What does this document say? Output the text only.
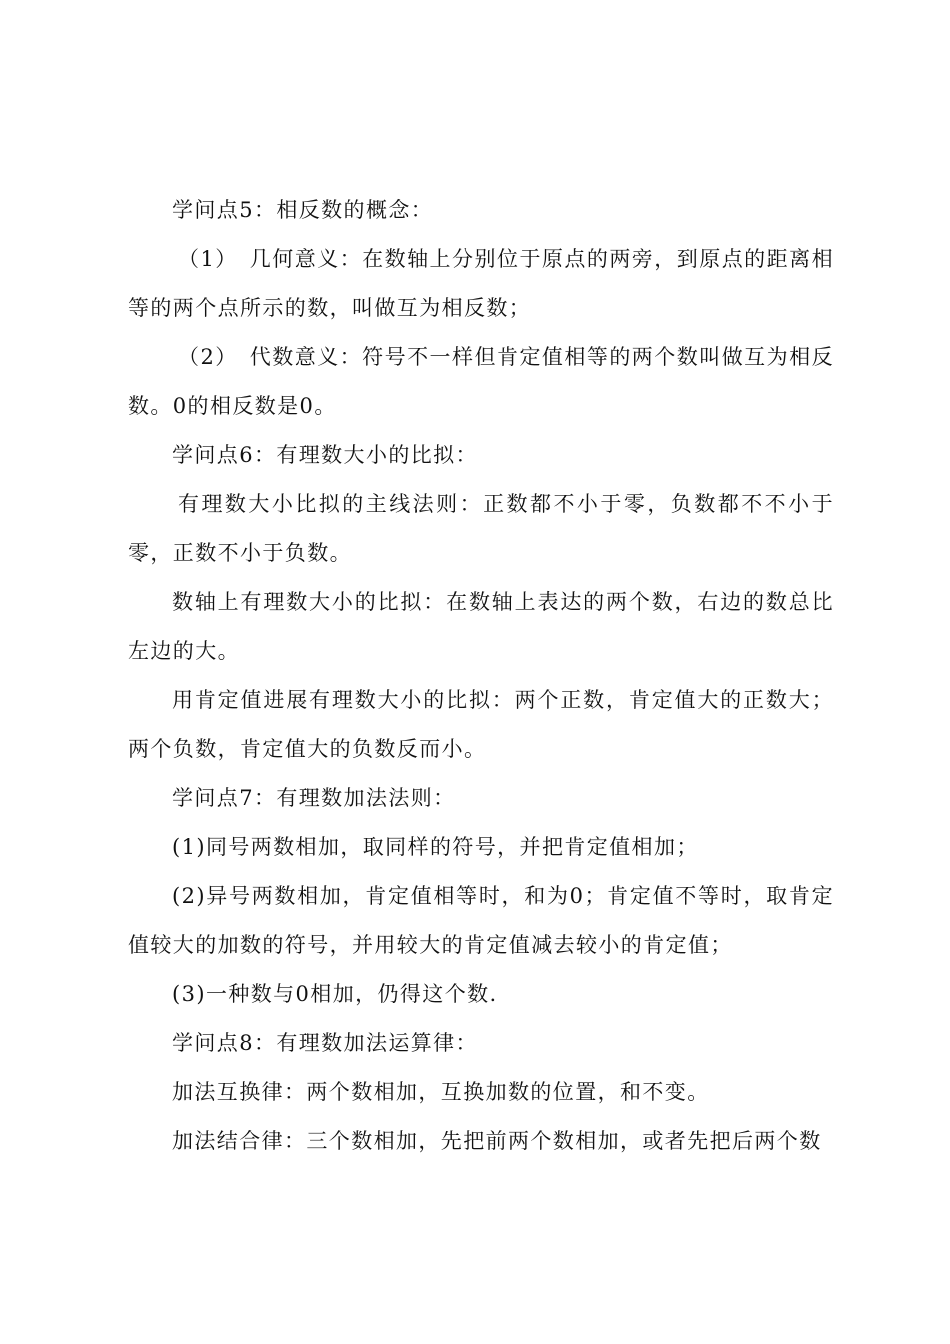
学问点5：相反数的概念：

（1）　几何意义：在数轴上分别位于原点的两旁，到原点的距离相等的两个点所示的数，叫做互为相反数；

（2）　代数意义：符号不一样但肯定值相等的两个数叫做互为相反数。0的相反数是0。

学问点6：有理数大小的比拟：

有理数大小比拟的主线法则：正数都不小于零，负数都不不小于零，正数不小于负数。

数轴上有理数大小的比拟：在数轴上表达的两个数，右边的数总比左边的大。

用肯定值进展有理数大小的比拟：两个正数，肯定值大的正数大；两个负数，肯定值大的负数反而小。

学问点7：有理数加法法则：

(1)同号两数相加，取同样的符号，并把肯定值相加；

(2)异号两数相加，肯定值相等时，和为0；肯定值不等时，取肯定值较大的加数的符号，并用较大的肯定值减去较小的肯定值；

(3)一种数与0相加，仍得这个数.

学问点8：有理数加法运算律：

加法互换律：两个数相加，互换加数的位置，和不变。

加法结合律：三个数相加，先把前两个数相加，或者先把后两个数
